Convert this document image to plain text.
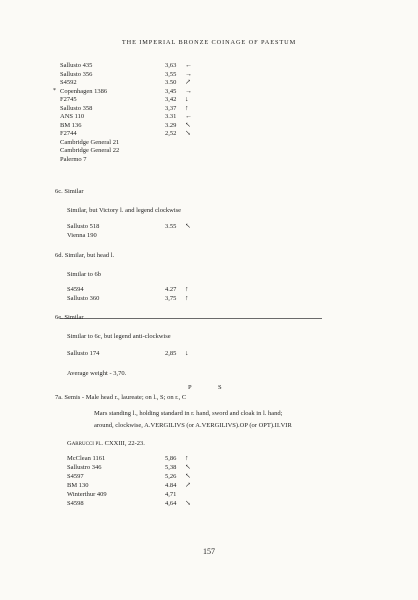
THE IMPERIAL BRONZE COINAGE OF PAESTUM
Sallusto 435	3,63 ←
Sallusto 356	3,55 →
S4592	3.50 ↗
* Copenhagen 1386	3,45 →
F2745	3,42 ↓
Sallusto 358	3,37 ↑
ANS 110	3.31 ←
BM 136	3.29 ↖
F2744	2,52 ↘
Cambridge General 21
Cambridge General 22
Palermo 7
6c. Similar
Similar, but Victory l. and legend clockwise
Sallusto 518	3.55 ↖
Vienna 190
6d. Similar, but head l.
Similar to 6b
S4594	4.27 ↑
Sallusto 360	3,75 ↑
6e. Similar
Similar to 6c, but legend anti-clockwise
Sallusto 174	2,85 ↓
Average weight - 3,70.
P	S
7a. Semis - Male head r., laureate; on l., S; on r., C
Mars standing l., holding standard in r. hand, sword and cloak in l. hand;
around, clockwise, A.VERGILIVS (or A.VERGILIVS).OP (or OPT).II.VIR
Garrucci pl. CXXIII, 22-23.
McClean 1161	5,86 ↑
Sallustro 346	5,38 ↖
S4597	5,26 ↖
BM 130	4.84 ↗
Winterthur 409	4,71
S4598	4,64 ↘
157
